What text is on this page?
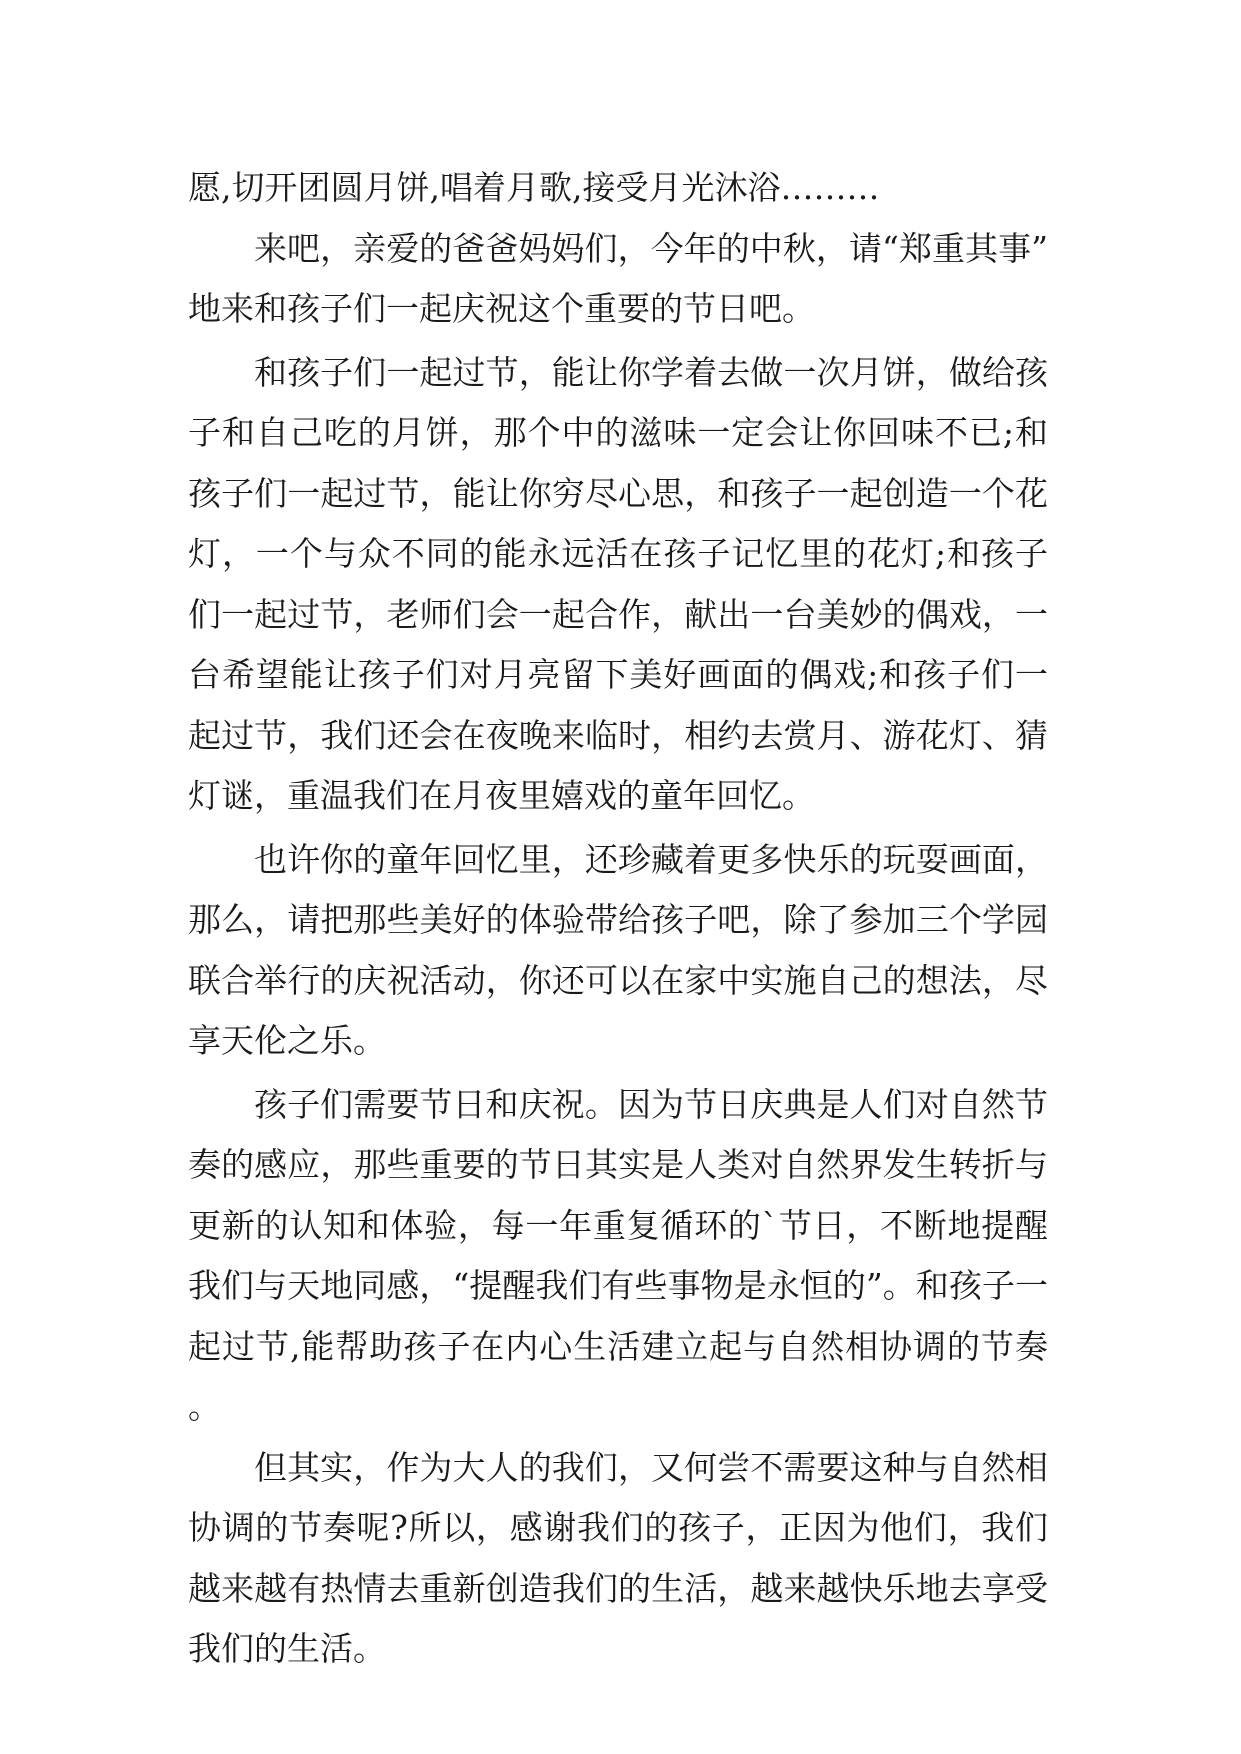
愿,切开团圆月饼,唱着月歌,接受月光沐浴………

来吧，亲爱的爸爸妈妈们，今年的中秋，请“郑重其事”地来和孩子们一起庆祝这个重要的节日吧。

和孩子们一起过节，能让你学着去做一次月饼，做给孩子和自己吃的月饼，那个中的滋味一定会让你回味不已;和孩子们一起过节，能让你穷尽心思，和孩子一起创造一个花灯，一个与众不同的能永远活在孩子记忆里的花灯;和孩子们一起过节，老师们会一起合作，献出一台美妙的偶戏，一台希望能让孩子们对月亮留下美好画面的偶戏;和孩子们一起过节，我们还会在夜晚来临时，相约去赏月、游花灯、猜灯谜，重温我们在月夜里嬉戏的童年回忆。

也许你的童年回忆里，还珍藏着更多快乐的玩耍画面，那么，请把那些美好的体验带给孩子吧，除了参加三个学园联合举行的庆祝活动，你还可以在家中实施自己的想法，尽享天伦之乐。

孩子们需要节日和庆祝。因为节日庆典是人们对自然节奏的感应，那些重要的节日其实是人类对自然界发生转折与更新的认知和体验，每一年重复循环的`节日，不断地提醒我们与天地同感，“提醒我们有些事物是永恒的”。和孩子一起过节,能帮助孩子在内心生活建立起与自然相协调的节奏。

但其实，作为大人的我们，又何尝不需要这种与自然相协调的节奏呢?所以，感谢我们的孩子，正因为他们，我们越来越有热情去重新创造我们的生活，越来越快乐地去享受我们的生活。
